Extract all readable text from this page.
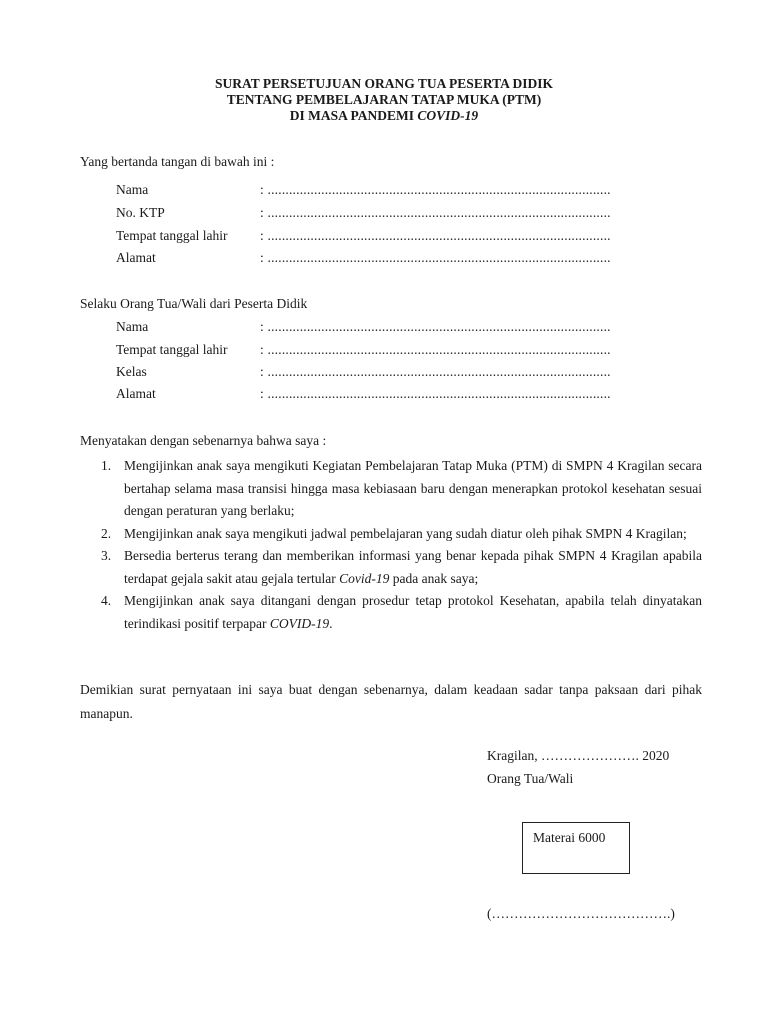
SURAT PERSETUJUAN ORANG TUA PESERTA DIDIK
TENTANG PEMBELAJARAN TATAP MUKA (PTM)
DI MASA PANDEMI COVID-19
Yang bertanda tangan di bawah ini :
Nama	: ................................................................................................
No. KTP	: ................................................................................................
Tempat tanggal lahir : ................................................................................................
Alamat	: ................................................................................................
Selaku Orang Tua/Wali dari Peserta Didik
Nama	: ................................................................................................
Tempat tanggal lahir : ................................................................................................
Kelas	: ................................................................................................
Alamat	: ................................................................................................
Menyatakan dengan sebenarnya bahwa saya :
1. Mengijinkan anak saya mengikuti Kegiatan Pembelajaran Tatap Muka (PTM) di SMPN 4 Kragilan secara bertahap selama masa transisi hingga masa kebiasaan baru dengan menerapkan protokol kesehatan sesuai dengan peraturan yang berlaku;
2. Mengijinkan anak saya mengikuti jadwal pembelajaran yang sudah diatur oleh pihak SMPN 4 Kragilan;
3. Bersedia berterus terang dan memberikan informasi yang benar kepada pihak SMPN 4 Kragilan apabila terdapat gejala sakit atau gejala tertular Covid-19 pada anak saya;
4. Mengijinkan anak saya ditangani dengan prosedur tetap protokol Kesehatan, apabila telah dinyatakan terindikasi positif terpapar COVID-19.
Demikian surat pernyataan ini saya buat dengan sebenarnya, dalam keadaan sadar tanpa paksaan dari pihak manapun.
Kragilan, …………………. 2020
Orang Tua/Wali
Materai 6000
(………………………………….)
